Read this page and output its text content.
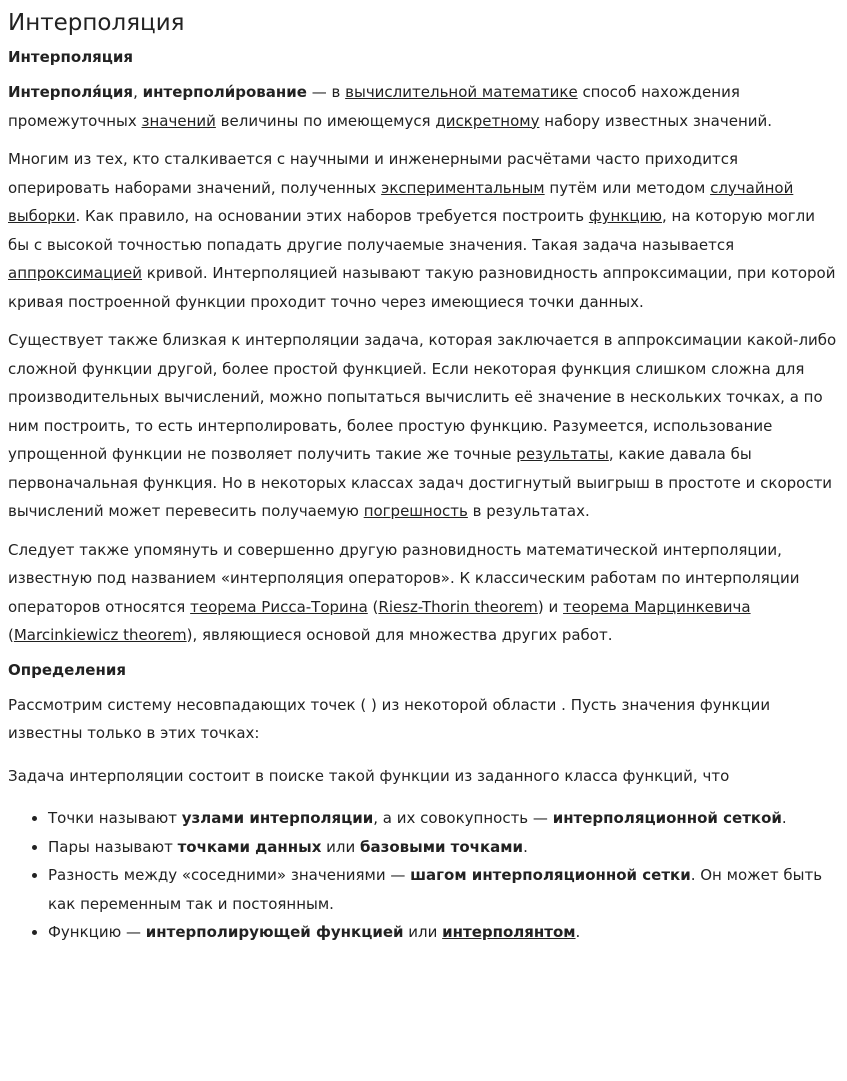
Интерполяция
Интерполяция

Интерполя́ция, интерполи́рование — в вычислительной математике способ нахождения промежуточных значений величины по имеющемуся дискретному набору известных значений.

Многим из тех, кто сталкивается с научными и инженерными расчётами часто приходится оперировать наборами значений, полученных экспериментальным путём или методом случайной выборки. Как правило, на основании этих наборов требуется построить функцию, на которую могли бы с высокой точностью попадать другие получаемые значения. Такая задача называется аппроксимацией кривой. Интерполяцией называют такую разновидность аппроксимации, при которой кривая построенной функции проходит точно через имеющиеся точки данных.

Существует также близкая к интерполяции задача, которая заключается в аппроксимации какой-либо сложной функции другой, более простой функцией. Если некоторая функция слишком сложна для производительных вычислений, можно попытаться вычислить её значение в нескольких точках, а по ним построить, то есть интерполировать, более простую функцию. Разумеется, использование упрощенной функции не позволяет получить такие же точные результаты, какие давала бы первоначальная функция. Но в некоторых классах задач достигнутый выигрыш в простоте и скорости вычислений может перевесить получаемую погрешность в результатах.

Следует также упомянуть и совершенно другую разновидность математической интерполяции, известную под названием «интерполяция операторов». К классическим работам по интерполяции операторов относятся теорема Рисса-Торина (Riesz-Thorin theorem) и теорема Марцинкевича (Marcinkiewicz theorem), являющиеся основой для множества других работ.

Определения

Рассмотрим систему несовпадающих точек ( ) из некоторой области . Пусть значения функции известны только в этих точках:

Задача интерполяции состоит в поиске такой функции из заданного класса функций, что

• Точки называют узлами интерполяции, а их совокупность — интерполяционной сеткой.
• Пары называют точками данных или базовыми точками.
• Разность между «соседними» значениями — шагом интерполяционной сетки. Он может быть как переменным так и постоянным.
• Функцию — интерполирующей функцией или интерполянтом.
